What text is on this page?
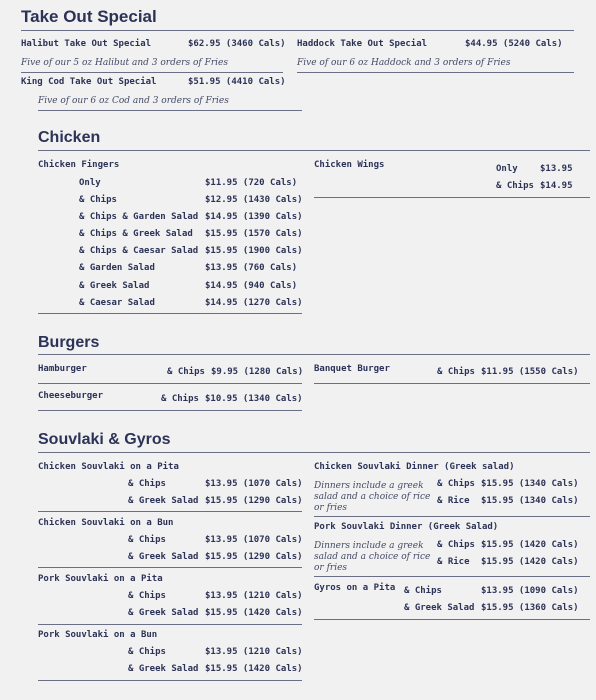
Take Out Special
Halibut Take Out Special	$62.95 (3460 Cals)
Five of our 5 oz Halibut and 3 orders of Fries
Haddock Take Out Special	$44.95 (5240 Cals)
Five of our 6 oz Haddock and 3 orders of Fries
King Cod Take Out Special	$51.95 (4410 Cals)
Five of our 6 oz Cod and 3 orders of Fries
Chicken
Chicken Fingers
Only	$11.95 (720 Cals)
& Chips	$12.95 (1430 Cals)
& Chips & Garden Salad $14.95 (1390 Cals)
& Chips & Greek Salad $15.95 (1570 Cals)
& Chips & Caesar Salad $15.95 (1900 Cals)
& Garden Salad	$13.95 (760 Cals)
& Greek Salad	$14.95 (940 Cals)
& Caesar Salad	$14.95 (1270 Cals)
Chicken Wings	Only $13.95
& Chips $14.95
Burgers
Hamburger	& Chips $9.95 (1280 Cals)
Cheeseburger	& Chips $10.95 (1340 Cals)
Banquet Burger	& Chips $11.95 (1550 Cals)
Souvlaki & Gyros
Chicken Souvlaki on a Pita
& Chips	$13.95 (1070 Cals)
& Greek Salad $15.95 (1290 Cals)
Chicken Souvlaki on a Bun
& Chips	$13.95 (1070 Cals)
& Greek Salad $15.95 (1290 Cals)
Pork Souvlaki on a Pita
& Chips	$13.95 (1210 Cals)
& Greek Salad $15.95 (1420 Cals)
Pork Souvlaki on a Bun
& Chips	$13.95 (1210 Cals)
& Greek Salad $15.95 (1420 Cals)
Chicken Souvlaki Dinner (Greek salad)
Dinners include a greek
salad and a choice of rice
or fries
& Chips $15.95 (1340 Cals)
& Rice $15.95 (1340 Cals)
Pork Souvlaki Dinner (Greek Salad)
Dinners include a greek
salad and a choice of rice
or fries
& Chips $15.95 (1420 Cals)
& Rice $15.95 (1420 Cals)
Gyros on a Pita & Chips	$13.95 (1090 Cals)
& Greek Salad $15.95 (1360 Cals)
